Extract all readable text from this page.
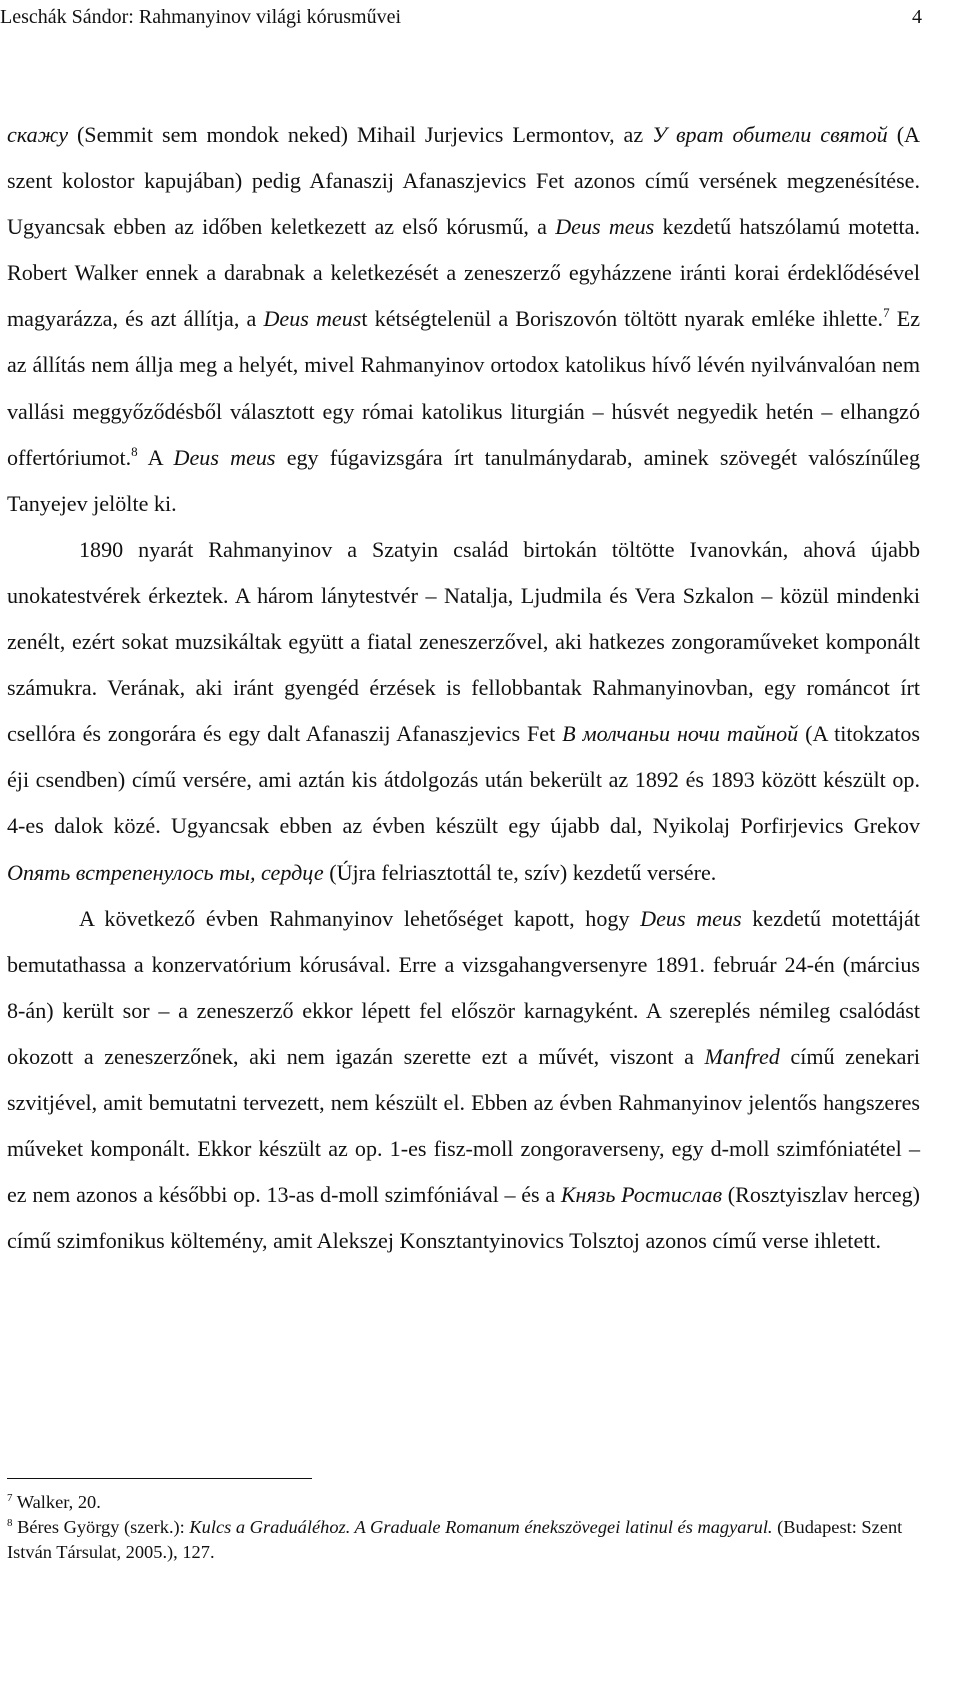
Leschák Sándor: Rahmanyinov világi kórusművei	4

скажу (Semmit sem mondok neked) Mihail Jurjevics Lermontov, az У врат обители святой (A szent kolostor kapujában) pedig Afanaszij Afanaszjevics Fet azonos című versének megzenésítése. Ugyancsak ebben az időben keletkezett az első kórusmű, a Deus meus kezdetű hatszólamú motetta. Robert Walker ennek a darabnak a keletkezését a zeneszerző egyházzene iránti korai érdeklődésével magyarázza, és azt állítja, a Deus meust kétségtelenül a Boriszovón töltött nyarak emléke ihlette.$^7$ Ez az állítás nem állja meg a helyét, mivel Rahmanyinov ortodox katolikus hívő lévén nyilvánvalóan nem vallási meggyőződésből választott egy római katolikus liturgián – húsvét negyedik hetén – elhangzó offertóriumot.$^8$ A Deus meus egy fúgavizsgára írt tanulmánydarab, aminek szövegét valószínűleg Tanyejev jelölte ki.

1890 nyarát Rahmanyinov a Szatyin család birtokán töltötte Ivanovkán, ahová újabb unokatestvérek érkeztek. A három lánytestvér – Natalja, Ljudmila és Vera Szkalon – közül mindenki zenélt, ezért sokat muzsikáltak együtt a fiatal zeneszerzővel, aki hatkezes zongoraműveket komponált számukra. Verának, aki iránt gyengéd érzések is fellobbantak Rahmanyinovban, egy románcot írt csellóra és zongorára és egy dalt Afanaszij Afanaszjevics Fet В молчаньи ночи тайной (A titokzatos éji csendben) című versére, ami aztán kis átdolgozás után bekerült az 1892 és 1893 között készült op. 4-es dalok közé. Ugyancsak ebben az évben készült egy újabb dal, Nyikolaj Porfirjevics Grekov Опять встрепенулось ты, сердце (Újra felriasztottál te, szív) kezdetű versére.

A következő évben Rahmanyinov lehetőséget kapott, hogy Deus meus kezdetű motettáját bemutathassa a konzervatórium kórusával. Erre a vizsgahangversenyre 1891. február 24-én (március 8-án) került sor – a zeneszerző ekkor lépett fel először karnagyként. A szereplés némileg csalódást okozott a zeneszerzőnek, aki nem igazán szerette ezt a művét, viszont a Manfred című zenekari szvitjével, amit bemutatni tervezett, nem készült el. Ebben az évben Rahmanyinov jelentős hangszeres műveket komponált. Ekkor készült az op. 1-es fisz-moll zongoraverseny, egy d-moll szimfóniatétel – ez nem azonos a későbbi op. 13-as d-moll szimfóniával – és a Князь Ростислав (Rosztyiszlav herceg) című szimfonikus költemény, amit Alekszej Konsztantyinovics Tolsztoj azonos című verse ihletett.

$^7$ Walker, 20.

$^8$ Béres György (szerk.): Kulcs a Graduáléhoz. A Graduale Romanum énekszövegei latinul és magyarul. (Budapest: Szent István Társulat, 2005.), 127.
